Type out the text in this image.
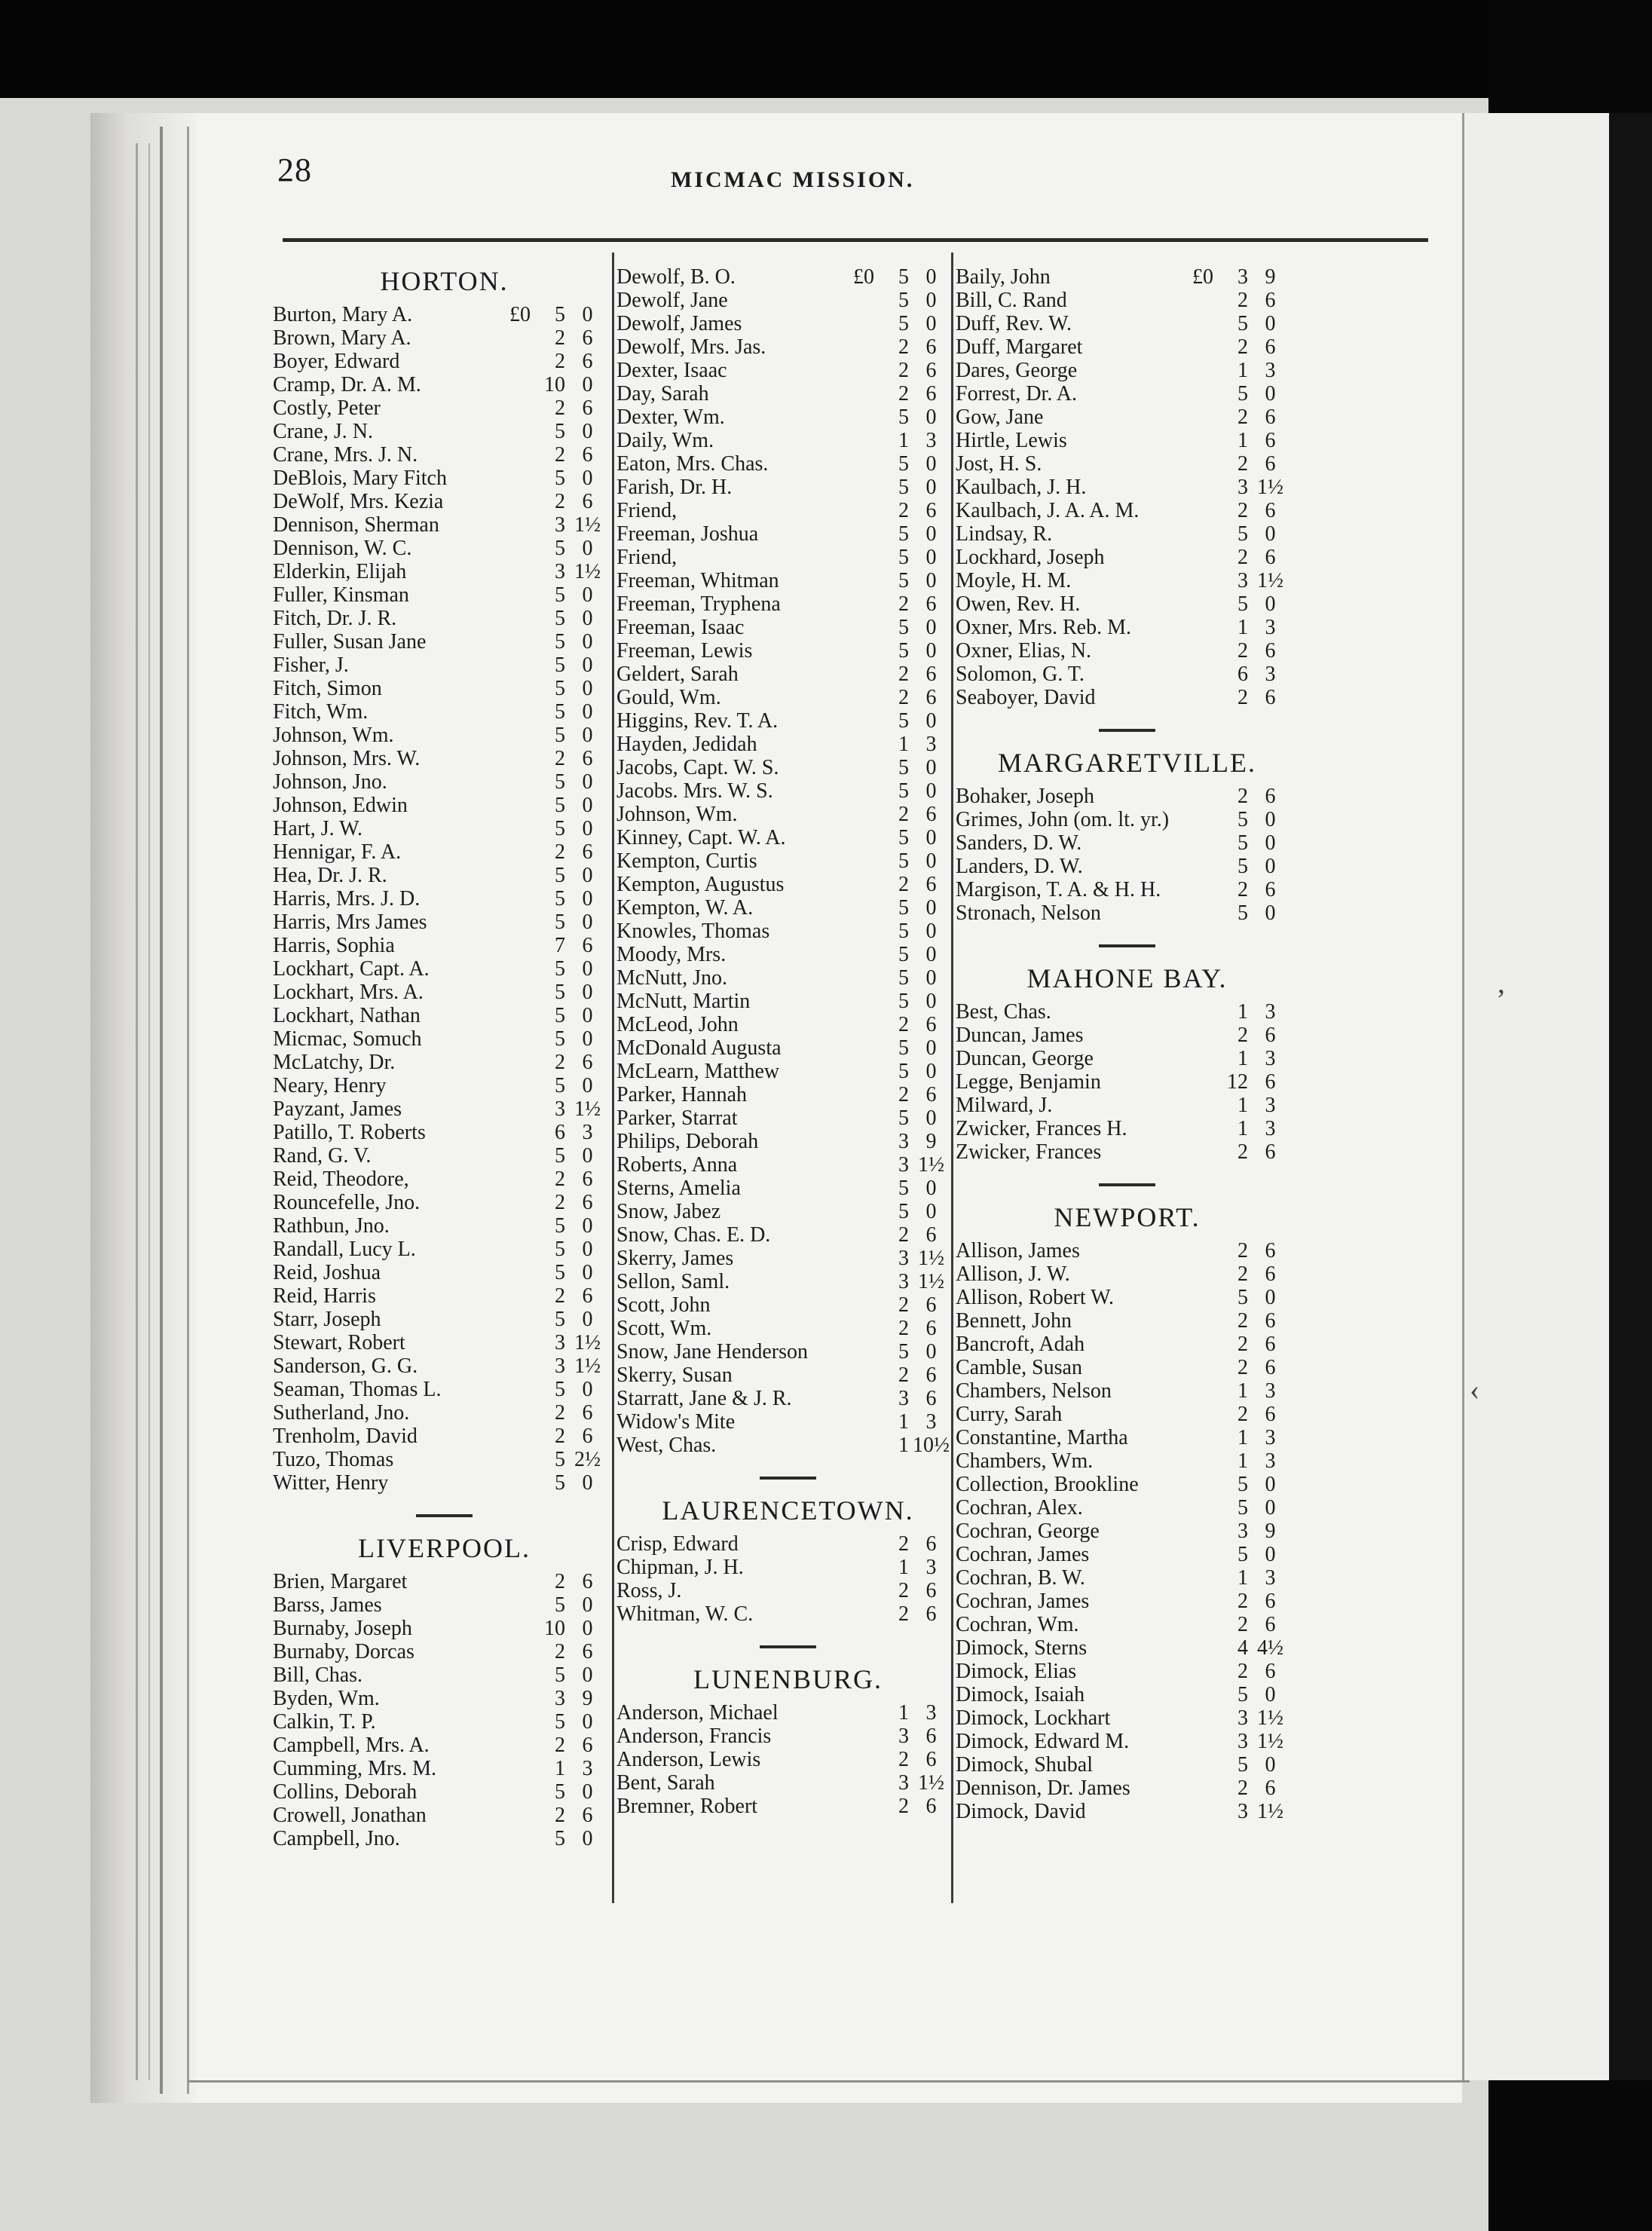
28	MICMAC MISSION.
HORTON.
Burton, Mary A.	£0	5 0
Brown, Mary A.	2 6
Boyer, Edward	2 6
Cramp, Dr. A. M.	10 0
Costly, Peter	2 6
Crane, J. N.	5 0
Crane, Mrs. J. N.	2 6
DeBlois, Mary Fitch	5 0
DeWolf, Mrs. Kezia	2 6
Dennison, Sherman	3 1½
Dennison, W. C.	5 0
Elderkin, Elijah	3 1½
Fuller, Kinsman	5 0
Fitch, Dr. J. R.	5 0
Fuller, Susan Jane	5 0
Fisher, J.	5 0
Fitch, Simon	5 0
Fitch, Wm.	5 0
Johnson, Wm.	5 0
Johnson, Mrs. W.	2 6
Johnson, Jno.	5 0
Johnson, Edwin	5 0
Hart, J. W.	5 0
Hennigar, F. A.	2 6
Hea, Dr. J. R.	5 0
Harris, Mrs. J. D.	5 0
Harris, Mrs James	5 0
Harris, Sophia	7 6
Lockhart, Capt. A.	5 0
Lockhart, Mrs. A.	5 0
Lockhart, Nathan	5 0
Micmac, Somuch	5 0
McLatchy, Dr.	2 6
Neary, Henry	5 0
Payzant, James	3 1½
Patillo, T. Roberts	6 3
Rand, G. V.	5 0
Reid, Theodore,	2 6
Rouncefelle, Jno.	2 6
Rathbun, Jno.	5 0
Randall, Lucy L.	5 0
Reid, Joshua	5 0
Reid, Harris	2 6
Starr, Joseph	5 0
Stewart, Robert	3 1½
Sanderson, G. G.	3 1½
Seaman, Thomas L.	5 0
Sutherland, Jno.	2 6
Trenholm, David	2 6
Tuzo, Thomas	5 2½
Witter, Henry	5 0
LIVERPOOL.
Brien, Margaret	2 6
Barss, James	5 0
Burnaby, Joseph	10 0
Burnaby, Dorcas	2 6
Bill, Chas.	5 0
Byden, Wm.	3 9
Calkin, T. P.	5 0
Campbell, Mrs. A.	2 6
Cumming, Mrs. M.	1 3
Collins, Deborah	5 0
Crowell, Jonathan	2 6
Campbell, Jno.	5 0
Dewolf, B. O.	£0	5 0
Dewolf, Jane	5 0
Dewolf, James	5 0
Dewolf, Mrs. Jas.	2 6
Dexter, Isaac	2 6
Day, Sarah	2 6
Dexter, Wm.	5 0
Daily, Wm.	1 3
Eaton, Mrs. Chas.	5 0
Farish, Dr. H.	5 0
Friend,	2 6
Freeman, Joshua	5 0
Friend,	5 0
Freeman, Whitman	5 0
Freeman, Tryphena	2 6
Freeman, Isaac	5 0
Freeman, Lewis	5 0
Geldert, Sarah	2 6
Gould, Wm.	2 6
Higgins, Rev. T. A.	5 0
Hayden, Jedidah	1 3
Jacobs, Capt. W. S.	5 0
Jacobs. Mrs. W. S.	5 0
Johnson, Wm.	2 6
Kinney, Capt. W. A.	5 0
Kempton, Curtis	5 0
Kempton, Augustus	2 6
Kempton, W. A.	5 0
Knowles, Thomas	5 0
Moody, Mrs.	5 0
McNutt, Jno.	5 0
McNutt, Martin	5 0
McLeod, John	2 6
McDonald Augusta	5 0
McLearn, Matthew	5 0
Parker, Hannah	2 6
Parker, Starrat	5 0
Philips, Deborah	3 9
Roberts, Anna	3 1½
Sterns, Amelia	5 0
Snow, Jabez	5 0
Snow, Chas. E. D.	2 6
Skerry, James	3 1½
Sellon, Saml.	3 1½
Scott, John	2 6
Scott, Wm.	2 6
Snow, Jane Henderson	5 0
Skerry, Susan	2 6
Starratt, Jane & J. R.	3 6
Widow's Mite	1 3
West, Chas.	1 10½
LAURENCETOWN.
Crisp, Edward	2 6
Chipman, J. H.	1 3
Ross, J.	2 6
Whitman, W. C.	2 6
LUNENBURG.
Anderson, Michael	1 3
Anderson, Francis	3 6
Anderson, Lewis	2 6
Bent, Sarah	3 1½
Bremner, Robert	2 6
Baily, John	£0	3 9
Bill, C. Rand	2 6
Duff, Rev. W.	5 0
Duff, Margaret	2 6
Dares, George	1 3
Forrest, Dr. A.	5 0
Gow, Jane	2 6
Hirtle, Lewis	1 6
Jost, H. S.	2 6
Kaulbach, J. H.	3 1½
Kaulbach, J. A. A. M.	2 6
Lindsay, R.	5 0
Lockhard, Joseph	2 6
Moyle, H. M.	3 1½
Owen, Rev. H.	5 0
Oxner, Mrs. Reb. M.	1 3
Oxner, Elias, N.	2 6
Solomon, G. T.	6 3
Seaboyer, David	2 6
MARGARETVILLE.
Bohaker, Joseph	2 6
Grimes, John (om. lt. yr.)	5 0
Sanders, D. W.	5 0
Landers, D. W.	5 0
Margison, T. A. & H. H.	2 6
Stronach, Nelson	5 0
MAHONE BAY.
Best, Chas.	1 3
Duncan, James	2 6
Duncan, George	1 3
Legge, Benjamin	12 6
Milward, J.	1 3
Zwicker, Frances H.	1 3
Zwicker, Frances	2 6
NEWPORT.
Allison, James	2 6
Allison, J. W.	2 6
Allison, Robert W.	5 0
Bennett, John	2 6
Bancroft, Adah	2 6
Camble, Susan	2 6
Chambers, Nelson	1 3
Curry, Sarah	2 6
Constantine, Martha	1 3
Chambers, Wm.	1 3
Collection, Brookline	5 0
Cochran, Alex.	5 0
Cochran, George	3 9
Cochran, James	5 0
Cochran, B. W.	1 3
Cochran, James	2 6
Cochran, Wm.	2 6
Dimock, Sterns	4 4½
Dimock, Elias	2 6
Dimock, Isaiah	5 0
Dimock, Lockhart	3 1½
Dimock, Edward M.	3 1½
Dimock, Shubal	5 0
Dennison, Dr. James	2 6
Dimock, David	3 1½
‚
‹
